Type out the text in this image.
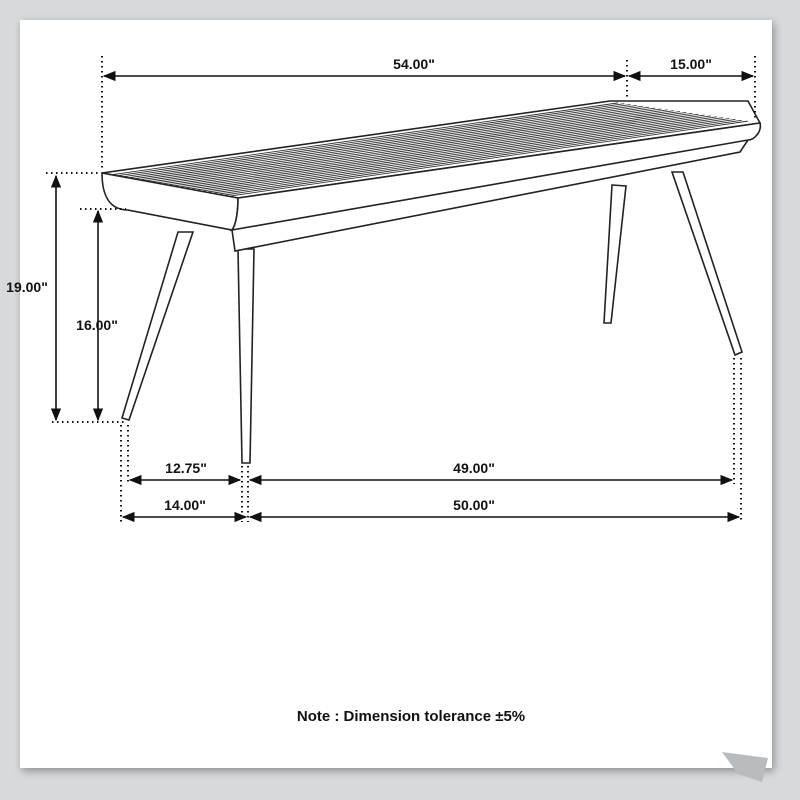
54.00"	15.00"
19.00"
16.00"
12.75"	49.00"
14.00"	50.00"
Note : Dimension tolerance ±5%
